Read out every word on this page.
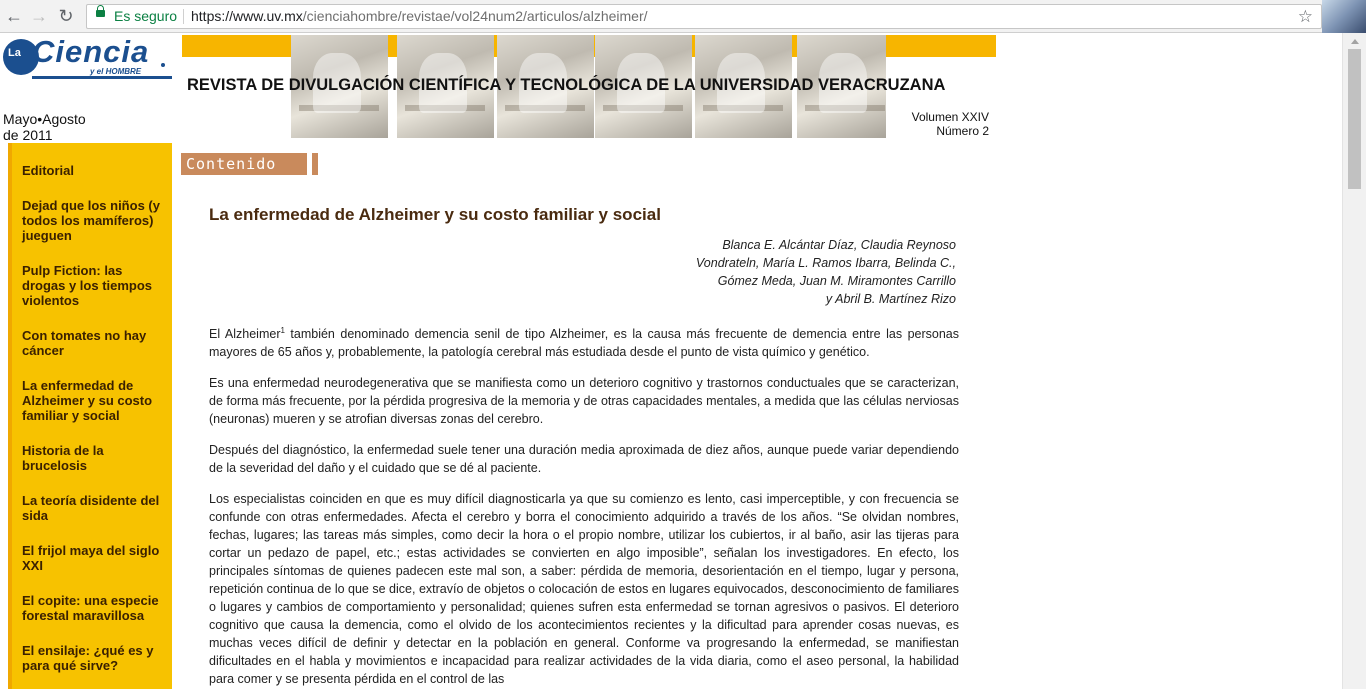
← → ↻	Es seguro https://www.uv.mx/cienciahombre/revistae/vol24num2/articulos/alzheimer/	☆
La Ciencia
y el HOMBRE
REVISTA DE DIVULGACIÓN CIENTÍFICA Y TECNOLÓGICA DE LA UNIVERSIDAD VERACRUZANA
Mayo•Agosto
de 2011
Volumen XXIV
Número 2
Editorial
Dejad que los niños (y todos los mamíferos) jueguen
Pulp Fiction: las drogas y los tiempos violentos
Con tomates no hay cáncer
La enfermedad de Alzheimer y su costo familiar y social
Historia de la brucelosis
La teoría disidente del sida
El frijol maya del siglo XXI
El copite: una especie forestal maravillosa
El ensilaje: ¿qué es y para qué sirve?
Contenido
La enfermedad de Alzheimer y su costo familiar y social
Blanca E. Alcántar Díaz, Claudia Reynoso
Vondrateln, María L. Ramos Ibarra, Belinda C.,
Gómez Meda, Juan M. Miramontes Carrillo
y Abril B. Martínez Rizo

El Alzheimer$^1$ también denominado demencia senil de tipo Alzheimer, es la causa más frecuente de demencia entre las personas mayores de 65 años y, probablemente, la patología cerebral más estudiada desde el punto de vista químico y genético.

Es una enfermedad neurodegenerativa que se manifiesta como un deterioro cognitivo y trastornos conductuales que se caracterizan, de forma más frecuente, por la pérdida progresiva de la memoria y de otras capacidades mentales, a medida que las células nerviosas (neuronas) mueren y se atrofian diversas zonas del cerebro.

Después del diagnóstico, la enfermedad suele tener una duración media aproximada de diez años, aunque puede variar dependiendo de la severidad del daño y el cuidado que se dé al paciente.

Los especialistas coinciden en que es muy difícil diagnosticarla ya que su comienzo es lento, casi imperceptible, y con frecuencia se confunde con otras enfermedades. Afecta el cerebro y borra el conocimiento adquirido a través de los años. “Se olvidan nombres, fechas, lugares; las tareas más simples, como decir la hora o el propio nombre, utilizar los cubiertos, ir al baño, asir las tijeras para cortar un pedazo de papel, etc.; estas actividades se convierten en algo imposible”, señalan los investigadores. En efecto, los principales síntomas de quienes padecen este mal son, a saber: pérdida de memoria, desorientación en el tiempo, lugar y persona, repetición continua de lo que se dice, extravío de objetos o colocación de estos en lugares equivocados, desconocimiento de familiares o lugares y cambios de comportamiento y personalidad; quienes sufren esta enfermedad se tornan agresivos o pasivos. El deterioro cognitivo que causa la demencia, como el olvido de los acontecimientos recientes y la dificultad para aprender cosas nuevas, es muchas veces difícil de definir y detectar en la población en general. Conforme va progresando la enfermedad, se manifiestan dificultades en el habla y movimientos e incapacidad para realizar actividades de la vida diaria, como el aseo personal, la habilidad para comer y se presenta pérdida en el control de las
